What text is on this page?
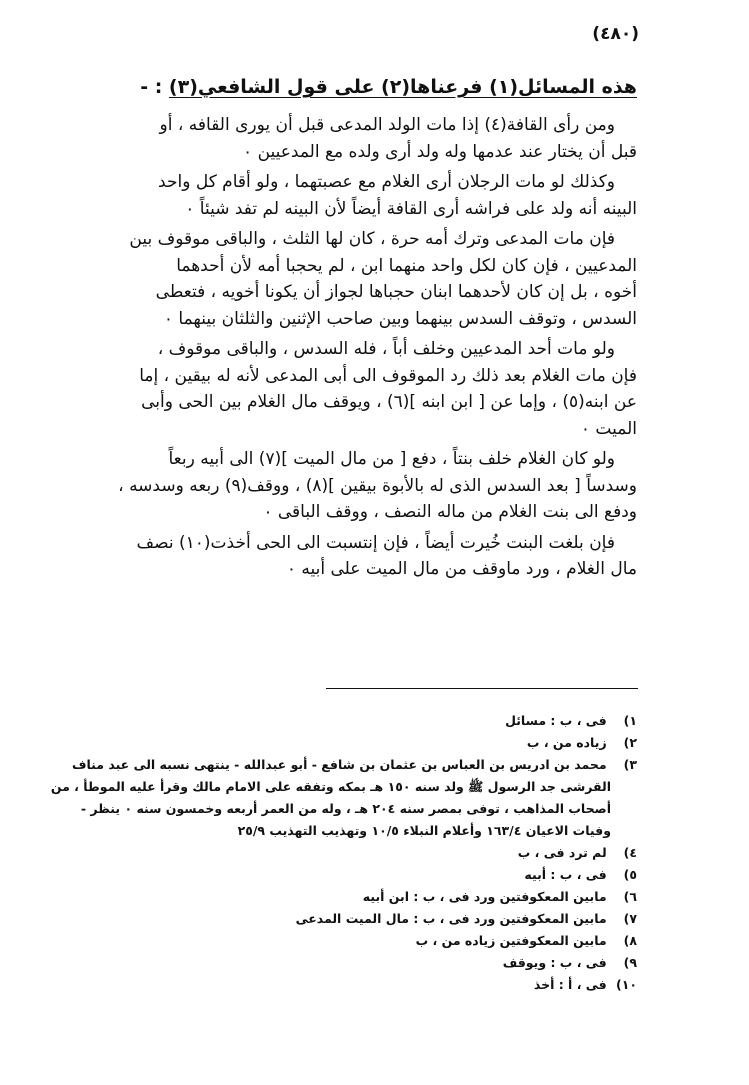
(٤٨٠)
هذه المسائل(١) فرعناها(٢) على قول الشافعي(٣) : -

ومن رأى القافة(٤) إذا مات الولد المدعى قبل أن يورى القافه ، أو
قبل أن يختار عند عدمها وله ولد أرى ولده مع المدعيين ٠

وكذلك لو مات الرجلان أرى الغلام مع عصبتهما ، ولو أقام كل واحد
البينه أنه ولد على فراشه أرى القافة أيضاً لأن البينه لم تفد شيئاً ٠

فإن مات المدعى وترك أمه حرة ، كان لها الثلث ، والباقى موقوف بين
المدعيين ، فإن كان لكل واحد منهما ابن ، لم يحجبا أمه لأن أحدهما
أخوه ، بل إن كان لأحدهما ابنان حجباها لجواز أن يكونا أخويه ، فتعطى
السدس ، وتوقف السدس بينهما وبين صاحب الإثنين والثلثان بينهما ٠

ولو مات أحد المدعيين وخلف أباً ، فله السدس ، والباقى موقوف ،
فإن مات الغلام بعد ذلك رد الموقوف الى أبى المدعى لأنه له بيقين ، إما
عن ابنه(٥) ، وإما عن [ ابن ابنه ](٦) ، ويوقف مال الغلام بين الحى وأبى
الميت ٠

ولو كان الغلام خلف بنتاً ، دفع [ من مال الميت ](٧) الى أبيه ربعاً
وسدساً [ بعد السدس الذى له بالأبوة بيقين ](٨) ، ووقف(٩) ربعه وسدسه ،
ودفع الى بنت الغلام من ماله النصف ، ووقف الباقى ٠

فإن بلغت البنت خُيرت أيضاً ، فإن إنتسبت الى الحى أخذت(١٠) نصف
مال الغلام ، ورد ماوقف من مال الميت على أبيه ٠

١) فى ، ب : مسائل
٢) زياده من ، ب
٣) محمد بن ادريس بن العباس بن عثمان بن شافع - أبو عبدالله - ينتهى نسبه الى عبد مناف
القرشى جد الرسول ﷺ ولد سنه ١٥٠ هـ بمكه وتفقه على الامام مالك وقرأ عليه الموطأ ، من
أصحاب المذاهب ، توفى بمصر سنه ٢٠٤ هـ ، وله من العمر أربعه وخمسون سنه ٠ ينظر -
وفيات الاعيان ١٦٣/٤ وأعلام النبلاء ١٠/٥ وتهذيب التهذيب ٢٥/٩
٤) لم ترد فى ، ب
٥) فى ، ب : أبيه
٦) مابين المعكوفتين ورد فى ، ب : ابن أبيه
٧) مابين المعكوفتين ورد فى ، ب : مال الميت المدعى
٨) مابين المعكوفتين زياده من ، ب
٩) فى ، ب : ويوقف
١٠) فى ، أ : أخذ
